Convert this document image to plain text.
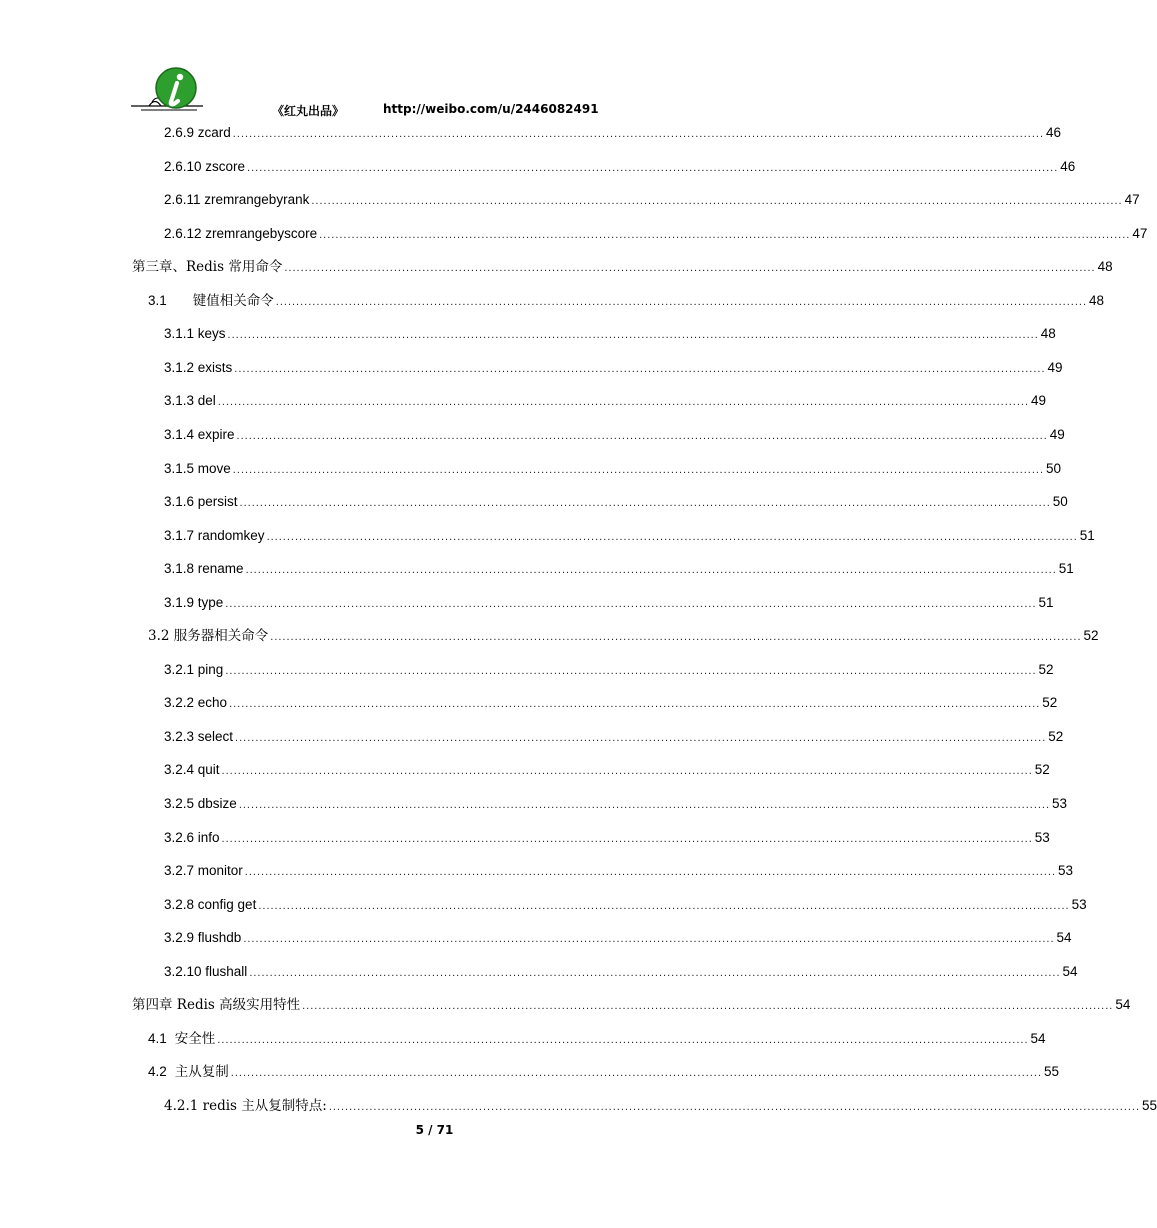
《红丸出品》	http://weibo.com/u/2446082491
2.6.9 zcard ........................................................................................................................................................................................................ 46
2.6.10 zscore ........................................................................................................................................................................................................ 46
2.6.11 zremrangebyrank ........................................................................................................................................................................................................ 47
2.6.12 zremrangebyscore ........................................................................................................................................................................................................ 47
第三章、Redis 常用命令 ........................................................................................................................................................................................................ 48
3.1 键值相关命令 ........................................................................................................................................................................................................ 48
3.1.1 keys ........................................................................................................................................................................................................ 48
3.1.2 exists ........................................................................................................................................................................................................ 49
3.1.3 del ........................................................................................................................................................................................................ 49
3.1.4 expire ........................................................................................................................................................................................................ 49
3.1.5 move ........................................................................................................................................................................................................ 50
3.1.6 persist ........................................................................................................................................................................................................ 50
3.1.7 randomkey ........................................................................................................................................................................................................ 51
3.1.8 rename ........................................................................................................................................................................................................ 51
3.1.9 type ........................................................................................................................................................................................................ 51
3.2 服务器相关命令 ........................................................................................................................................................................................................ 52
3.2.1 ping ........................................................................................................................................................................................................ 52
3.2.2 echo ........................................................................................................................................................................................................ 52
3.2.3 select ........................................................................................................................................................................................................ 52
3.2.4 quit ........................................................................................................................................................................................................ 52
3.2.5 dbsize ........................................................................................................................................................................................................ 53
3.2.6 info ........................................................................................................................................................................................................ 53
3.2.7 monitor ........................................................................................................................................................................................................ 53
3.2.8 config get ........................................................................................................................................................................................................ 53
3.2.9 flushdb ........................................................................................................................................................................................................ 54
3.2.10 flushall ........................................................................................................................................................................................................ 54
第四章 Redis 高级实用特性 ........................................................................................................................................................................................................ 54
4.1 安全性 ........................................................................................................................................................................................................ 54
4.2 主从复制 ........................................................................................................................................................................................................ 55
4.2.1 redis 主从复制特点: ........................................................................................................................................................................................................ 55
5 / 71
